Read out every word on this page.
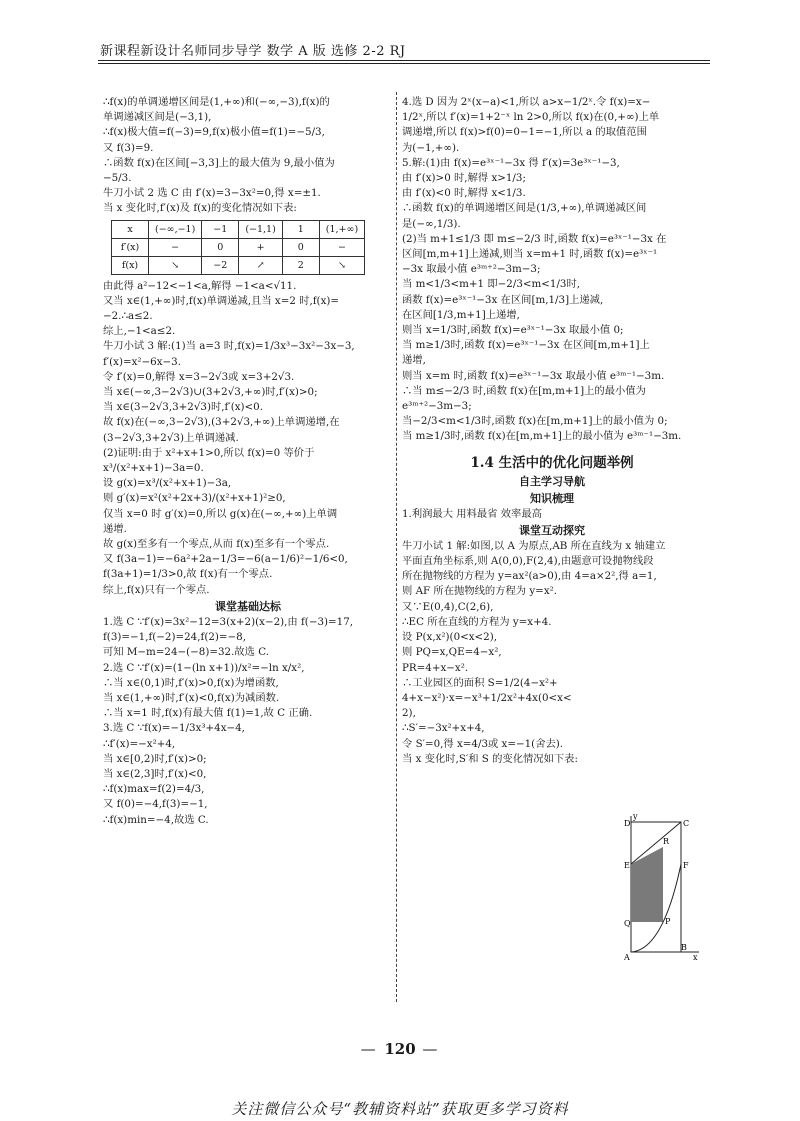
新课程新设计名师同步导学 数学 A 版 选修 2-2 RJ
∴f(x)的单调递增区间是(1,+∞)和(−∞,−3),f(x)的
单调递减区间是(−3,1),
∴f(x)极大值=f(−3)=9,f(x)极小值=f(1)=−5/3,
又 f(3)=9.
∴函数 f(x)在区间[−3,3]上的最大值为 9,最小值为
−5/3.
牛刀小试 2 选 C 由 f′(x)=3−3x²=0,得 x=±1.
当 x 变化时,f′(x)及 f(x)的变化情况如下表:
x	(−∞,−1)	−1	(−1,1)	1	(1,+∞)
f′(x)	−	0	+	0	−
f(x)	↘	−2	↗	2	↘
由此得 a²−12<−1<a,解得 −1<a<√11.
又当 x∈(1,+∞)时,f(x)单调递减,且当 x=2 时,f(x)=
−2.∴a≤2.
综上,−1<a≤2.
牛刀小试 3 解:(1)当 a=3 时,f(x)=1/3x³−3x²−3x−3,
f′(x)=x²−6x−3.
令 f′(x)=0,解得 x=3−2√3或 x=3+2√3.
当 x∈(−∞,3−2√3)∪(3+2√3,+∞)时,f′(x)>0;
当 x∈(3−2√3,3+2√3)时,f′(x)<0.
故 f(x)在(−∞,3−2√3),(3+2√3,+∞)上单调递增,在
(3−2√3,3+2√3)上单调递减.
(2)证明:由于 x²+x+1>0,所以 f(x)=0 等价于
x³/(x²+x+1)−3a=0.
设 g(x)=x³/(x²+x+1)−3a,
则 g′(x)=x²(x²+2x+3)/(x²+x+1)²≥0,
仅当 x=0 时 g′(x)=0,所以 g(x)在(−∞,+∞)上单调
递增.
故 g(x)至多有一个零点,从而 f(x)至多有一个零点.
又 f(3a−1)=−6a²+2a−1/3=−6(a−1/6)²−1/6<0,
f(3a+1)=1/3>0,故 f(x)有一个零点.
综上,f(x)只有一个零点.
课堂基础达标
1.选 C ∵f′(x)=3x²−12=3(x+2)(x−2),由 f(−3)=17,
f(3)=−1,f(−2)=24,f(2)=−8,
可知 M−m=24−(−8)=32.故选 C.
2.选 C ∵f′(x)=(1−(ln x+1))/x²=−ln x/x²,
∴当 x∈(0,1)时,f′(x)>0,f(x)为增函数,
当 x∈(1,+∞)时,f′(x)<0,f(x)为减函数.
∴当 x=1 时,f(x)有最大值 f(1)=1,故 C 正确.
3.选 C ∵f(x)=−1/3x³+4x−4,
∴f′(x)=−x²+4,
当 x∈[0,2)时,f′(x)>0;
当 x∈(2,3]时,f′(x)<0,
∴f(x)max=f(2)=4/3,
又 f(0)=−4,f(3)=−1,
∴f(x)min=−4,故选 C.
4.选 D 因为 2ˣ(x−a)<1,所以 a>x−1/2ˣ.令 f(x)=x−
1/2ˣ,所以 f′(x)=1+2⁻ˣ ln 2>0,所以 f(x)在(0,+∞)上单
调递增,所以 f(x)>f(0)=0−1=−1,所以 a 的取值范围
为(−1,+∞).
5.解:(1)由 f(x)=e³ˣ⁻¹−3x 得 f′(x)=3e³ˣ⁻¹−3,
由 f′(x)>0 时,解得 x>1/3;
由 f′(x)<0 时,解得 x<1/3.
∴函数 f(x)的单调递增区间是(1/3,+∞),单调递减区间
是(−∞,1/3).
(2)当 m+1≤1/3 即 m≤−2/3 时,函数 f(x)=e³ˣ⁻¹−3x 在
区间[m,m+1]上递减,则当 x=m+1 时,函数 f(x)=e³ˣ⁻¹
−3x 取最小值 e³ᵐ⁺²−3m−3;
当 m<1/3<m+1 即−2/3<m<1/3时,
函数 f(x)=e³ˣ⁻¹−3x 在区间[m,1/3]上递减,
在区间[1/3,m+1]上递增,
则当 x=1/3时,函数 f(x)=e³ˣ⁻¹−3x 取最小值 0;
当 m≥1/3时,函数 f(x)=e³ˣ⁻¹−3x 在区间[m,m+1]上
递增,
则当 x=m 时,函数 f(x)=e³ˣ⁻¹−3x 取最小值 e³ᵐ⁻¹−3m.
∴当 m≤−2/3 时,函数 f(x)在[m,m+1]上的最小值为
e³ᵐ⁺²−3m−3;
当−2/3<m<1/3时,函数 f(x)在[m,m+1]上的最小值为 0;
当 m≥1/3时,函数 f(x)在[m,m+1]上的最小值为 e³ᵐ⁻¹−3m.
1.4 生活中的优化问题举例
自主学习导航
知识梳理
1.利润最大 用料最省 效率最高
课堂互动探究
牛刀小试 1 解:如图,以 A 为原点,AB 所在直线为 x 轴建立
平面直角坐标系,则 A(0,0),F(2,4),由题意可设抛物线段
所在抛物线的方程为 y=ax²(a>0),由 4=a×2²,得 a=1,
则 AF 所在抛物线的方程为 y=x².
又∵E(0,4),C(2,6),
∴EC 所在直线的方程为 y=x+4.
设 P(x,x²)(0<x<2),
则 PQ=x,QE=4−x²,
PR=4+x−x².
∴工业园区的面积 S=1/2(4−x²+
4+x−x²)·x=−x³+1/2x²+4x(0<x<
2),
∴S′=−3x²+x+4,
令 S′=0,得 x=4/3或 x=−1(舍去).
当 x 变化时,S′和 S 的变化情况如下表:
D	C
R
E	F
P
Q
A
B
x
y
— 120 —
关注微信公众号“教辅资料站”获取更多学习资料
